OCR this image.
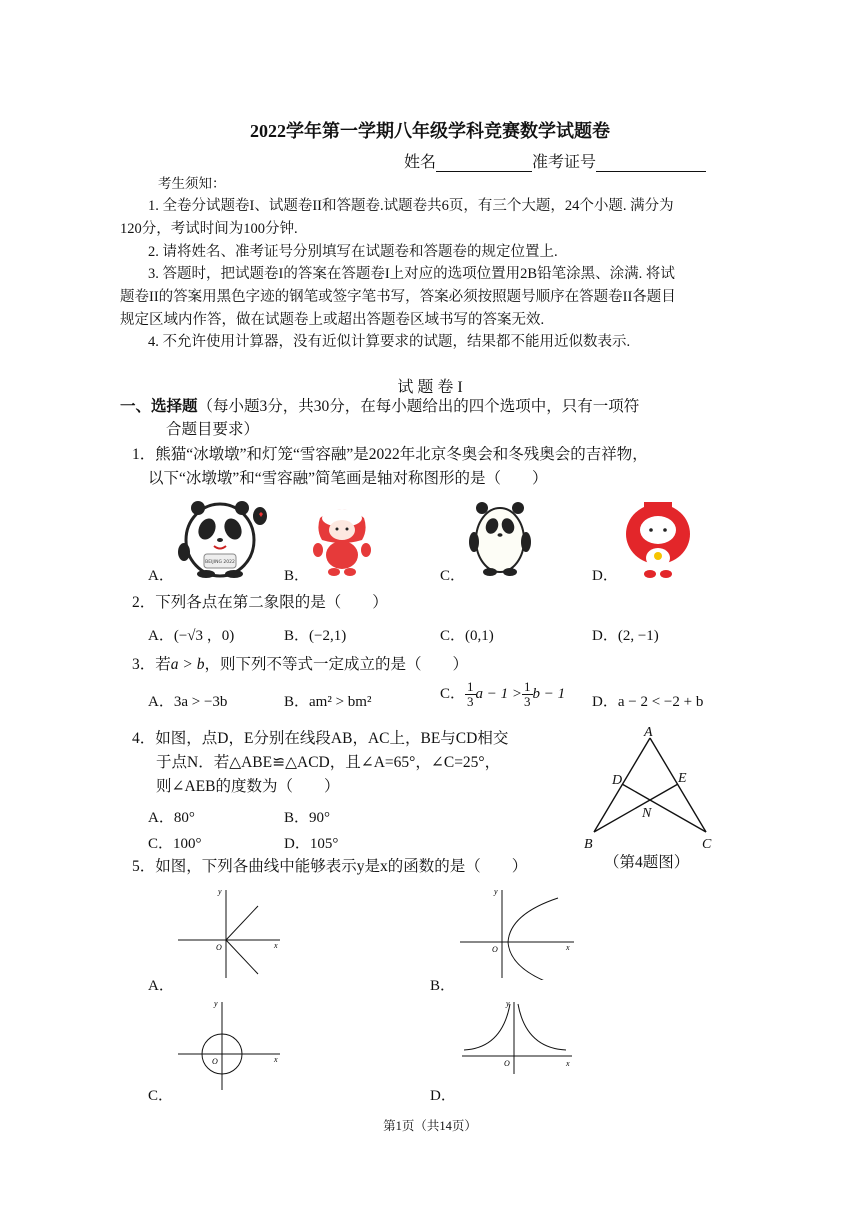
2022学年第一学期八年级学科竞赛数学试题卷
姓名	准考证号
考生须知：
1. 全卷分试题卷I、试题卷II和答题卷.试题卷共6页，有三个大题，24个小题. 满分为
120分，考试时间为100分钟.
2. 请将姓名、准考证号分别填写在试题卷和答题卷的规定位置上.
3. 答题时，把试题卷I的答案在答题卷I上对应的选项位置用2B铅笔涂黑、涂满. 将试
题卷II的答案用黑色字迹的钢笔或签字笔书写，答案必须按照题号顺序在答题卷II各题目
规定区域内作答，做在试题卷上或超出答题卷区域书写的答案无效.
4. 不允许使用计算器，没有近似计算要求的试题，结果都不能用近似数表示.
试 题 卷 I
一、选择题（每小题3分，共30分，在每小题给出的四个选项中，只有一项符
合题目要求）
1．熊猫“冰墩墩”和灯笼“雪容融”是2022年北京冬奥会和冬残奥会的吉祥物，
以下“冰墩墩”和“雪容融”简笔画是轴对称图形的是（　　）
BEIJING 2022
A．	B．	C．	D．
2．下列各点在第二象限的是（　　）
A．(−√3 ，0)	B．(−2,1)	C．(0,1)	D．(2, −1)
3．若a > b，则下列不等式一定成立的是（　　）
A．3a > −3b	B．am² > bm²
C． $\frac{1}{3}$ $a - 1 > \frac{1}{3}$ b − 1
D．a − 2 < −2 + b
4．如图，点D，E分别在线段AB，AC上，BE与CD相交
于点N．若△ABE≌△ACD，且∠A=65°，∠C=25°，
则∠AEB的度数为（　　）
A．80°	B．90°
C．100°	D．105°
A
D	E
N
B	C
（第4题图）
5．如图，下列各曲线中能够表示y是x的函数的是（　　）
x
y
O
A．
x
y
O
B．
x
y
O
C．
x
y
O
D．
第1页（共14页）
